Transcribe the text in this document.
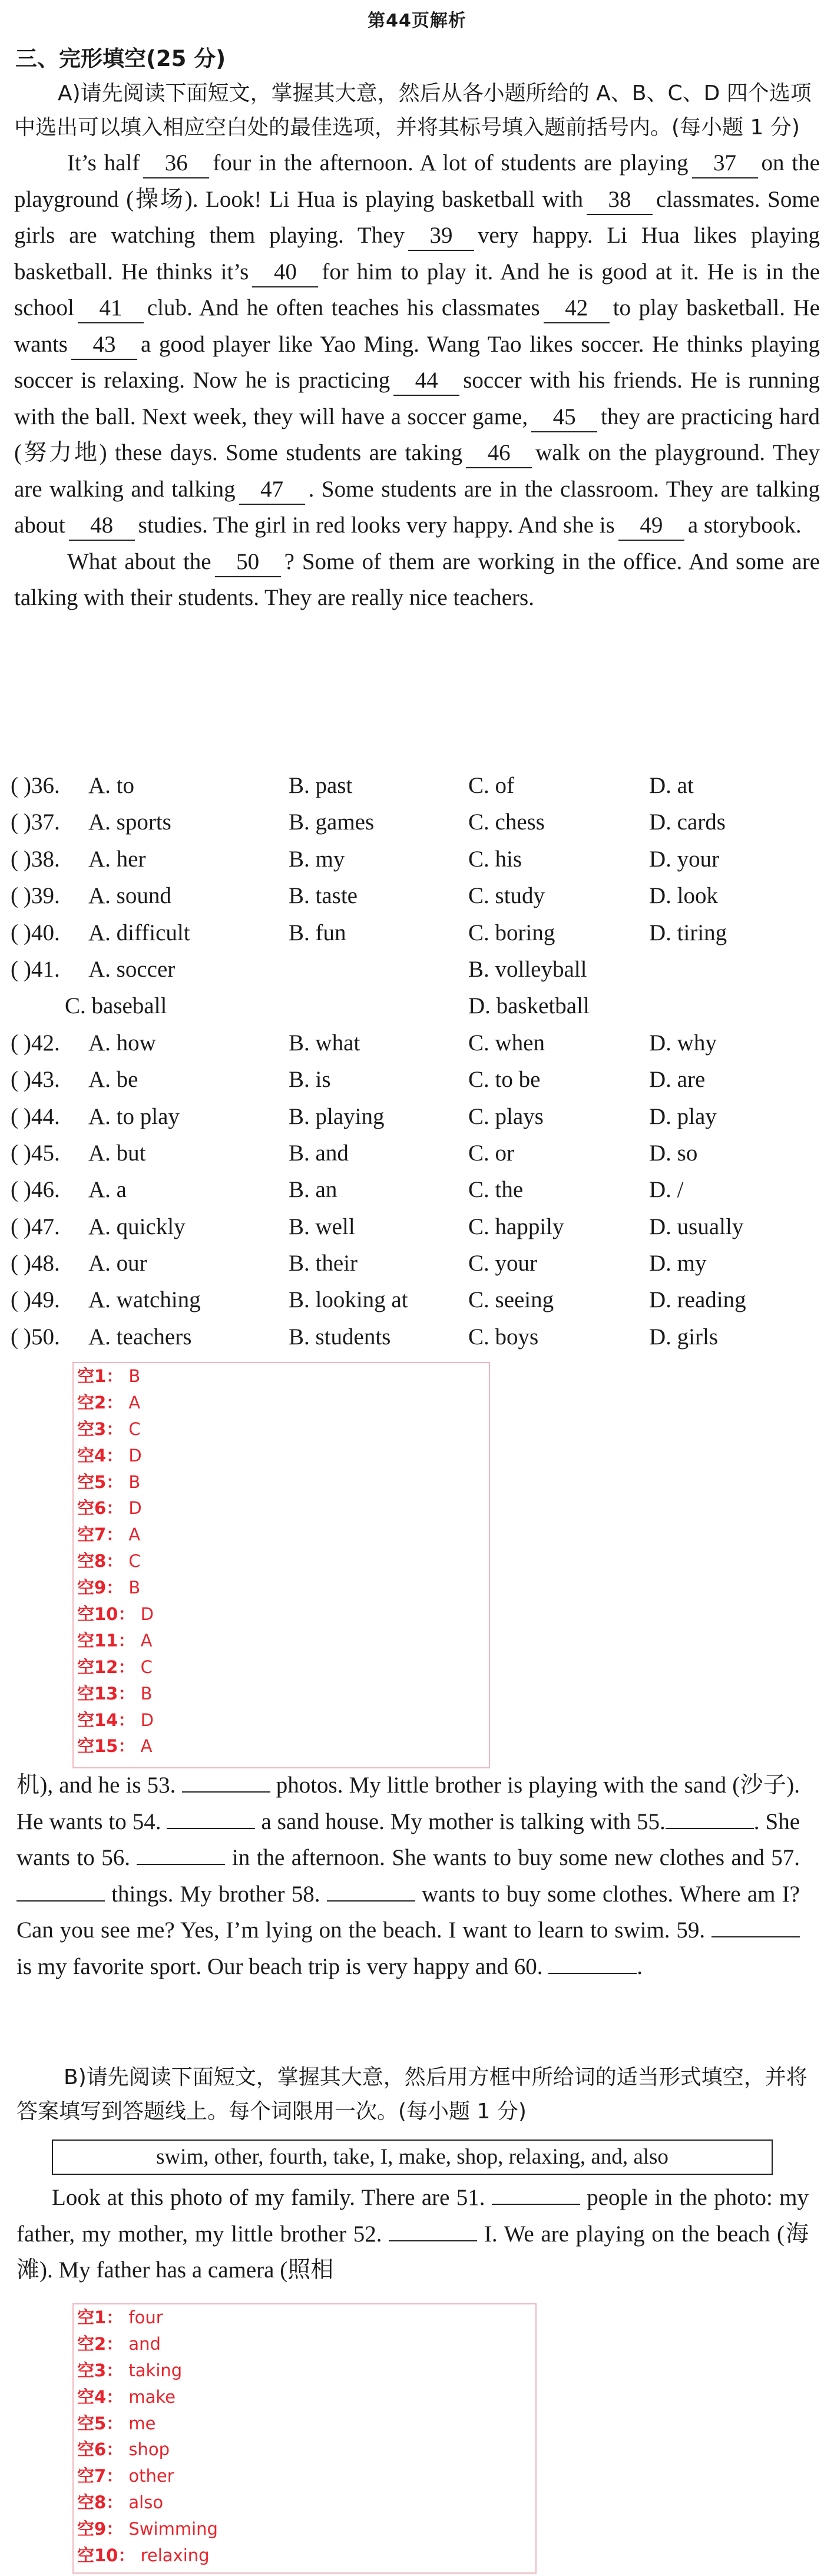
第44页解析
三、完形填空(25 分)
A)请先阅读下面短文，掌握其大意，然后从各小题所给的 A、B、C、D 四个选项中选出可以填入相应空白处的最佳选项，并将其标号填入题前括号内。(每小题 1 分)
It’s half 36 four in the afternoon. A lot of students are playing 37 on the playground (操场). Look! Li Hua is playing basketball with 38 classmates. Some girls are watching them playing. They 39 very happy. Li Hua likes playing basketball. He thinks it’s 40 for him to play it. And he is good at it. He is in the school 41 club. And he often teaches his classmates 42 to play basketball. He wants 43 a good player like Yao Ming. Wang Tao likes soccer. He thinks playing soccer is relaxing. Now he is practicing 44 soccer with his friends. He is running with the ball. Next week, they will have a soccer game, 45 they are practicing hard (努力地) these days. Some students are taking 46 walk on the playground. They are walking and talking 47 . Some students are in the classroom. They are talking about 48 studies. The girl in red looks very happy. And she is 49 a storybook.
What about the 50 ? Some of them are working in the office. And some are talking with their students. They are really nice teachers.
( )36. A. to	B. past	C. of	D. at
( )37. A. sports	B. games	C. chess	D. cards
( )38. A. her	B. my	C. his	D. your
( )39. A. sound	B. taste	C. study	D. look
( )40. A. difficult	B. fun	C. boring	D. tiring
( )41. A. soccer	B. volleyball
C. baseball	D. basketball
( )42. A. how	B. what	C. when	D. why
( )43. A. be	B. is	C. to be	D. are
( )44. A. to play	B. playing	C. plays	D. play
( )45. A. but	B. and	C. or	D. so
( )46. A. a	B. an	C. the	D. /
( )47. A. quickly	B. well	C. happily	D. usually
( )48. A. our	B. their	C. your	D. my
( )49. A. watching	B. looking at	C. seeing	D. reading
( )50. A. teachers	B. students	C. boys	D. girls
空1： B
空2： A
空3： C
空4： D
空5： B
空6： D
空7： A
空8： C
空9： B
空10： D
空11： A
空12： C
空13： B
空14： D
空15： A
机), and he is 53.	photos. My little brother is playing with the sand (沙子). He wants to 54.	a sand house. My mother is talking with 55.	. She wants to 56.	in the afternoon. She wants to buy some new clothes and 57.  things. My brother 58.	wants to buy some clothes. Where am I? Can you see me? Yes, I’m lying on the beach. I want to learn to swim. 59.  is my favorite sport. Our beach trip is very happy and 60.	.
B)请先阅读下面短文，掌握其大意，然后用方框中所给词的适当形式填空，并将答案填写到答题线上。每个词限用一次。(每小题 1 分)
swim, other, fourth, take, I, make, shop, relaxing, and, also
Look at this photo of my family. There are 51.	people in the photo: my father, my mother, my little brother 52.	I. We are playing on the beach (海滩). My father has a camera (照相
空1： four
空2： and
空3： taking
空4： make
空5： me
空6： shop
空7： other
空8： also
空9： Swimming
空10： relaxing
